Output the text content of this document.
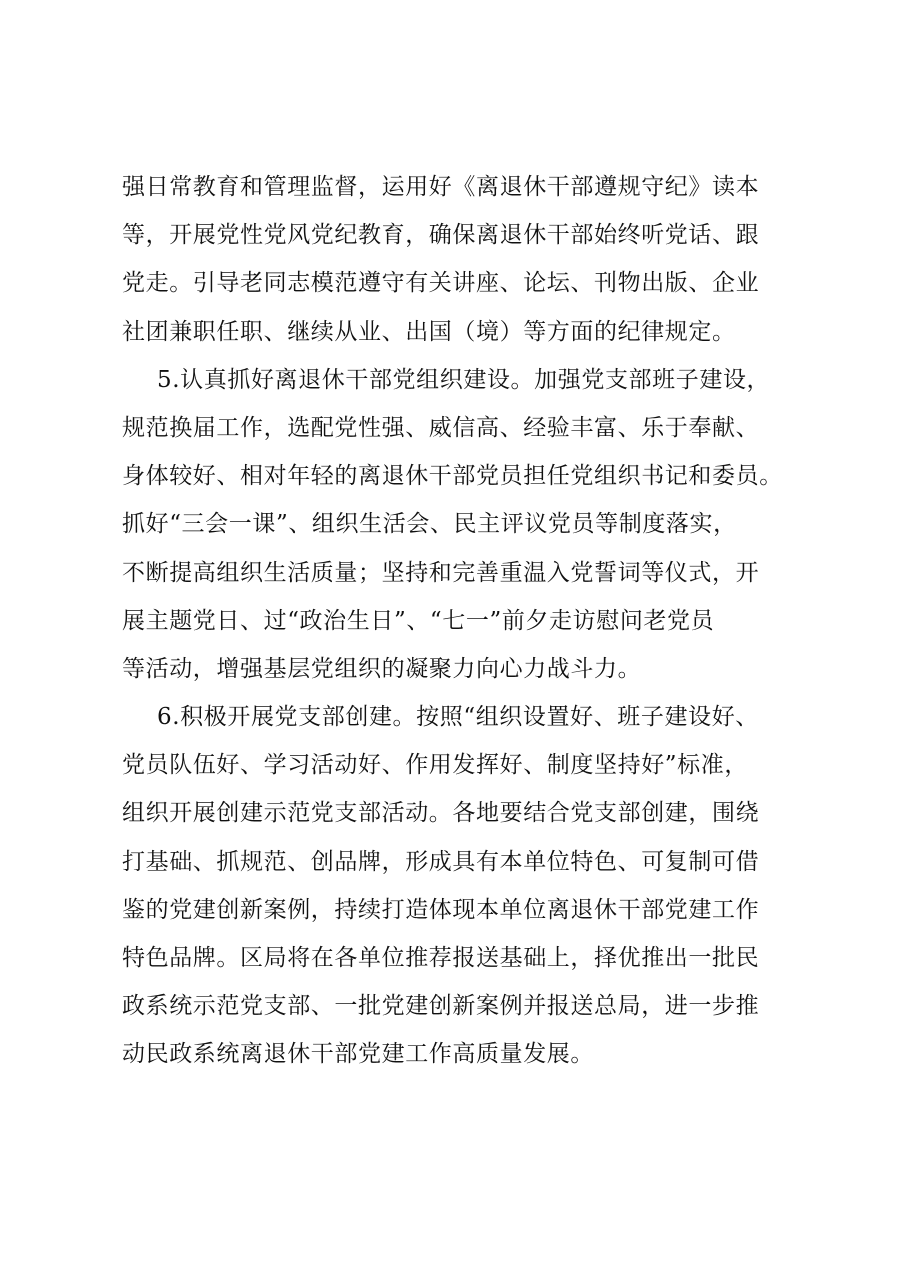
强日常教育和管理监督，运用好《离退休干部遵规守纪》读本
等，开展党性党风党纪教育，确保离退休干部始终听党话、跟
党走。引导老同志模范遵守有关讲座、论坛、刊物出版、企业
社团兼职任职、继续从业、出国（境）等方面的纪律规定。
5.认真抓好离退休干部党组织建设。加强党支部班子建设，
规范换届工作，选配党性强、威信高、经验丰富、乐于奉献、
身体较好、相对年轻的离退休干部党员担任党组织书记和委员。
抓好“三会一课”、组织生活会、民主评议党员等制度落实，
不断提高组织生活质量；坚持和完善重温入党誓词等仪式，开
展主题党日、过“政治生日”、“七一”前夕走访慰问老党员
等活动，增强基层党组织的凝聚力向心力战斗力。
6.积极开展党支部创建。按照“组织设置好、班子建设好、
党员队伍好、学习活动好、作用发挥好、制度坚持好”标准，
组织开展创建示范党支部活动。各地要结合党支部创建，围绕
打基础、抓规范、创品牌，形成具有本单位特色、可复制可借
鉴的党建创新案例，持续打造体现本单位离退休干部党建工作
特色品牌。区局将在各单位推荐报送基础上，择优推出一批民
政系统示范党支部、一批党建创新案例并报送总局，进一步推
动民政系统离退休干部党建工作高质量发展。
